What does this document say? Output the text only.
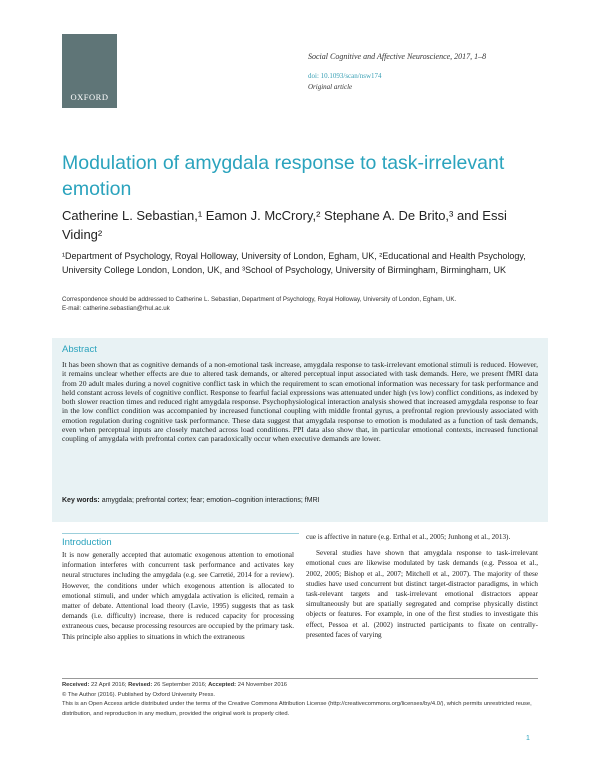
OXFORD
Social Cognitive and Affective Neuroscience, 2017, 1–8
doi: 10.1093/scan/nsw174
Original article
Modulation of amygdala response to task-irrelevant emotion
Catherine L. Sebastian,¹ Eamon J. McCrory,² Stephane A. De Brito,³ and Essi Viding²
¹Department of Psychology, Royal Holloway, University of London, Egham, UK, ²Educational and Health Psychology, University College London, London, UK, and ³School of Psychology, University of Birmingham, Birmingham, UK
Correspondence should be addressed to Catherine L. Sebastian, Department of Psychology, Royal Holloway, University of London, Egham, UK.
E-mail: catherine.sebastian@rhul.ac.uk
Abstract
It has been shown that as cognitive demands of a non-emotional task increase, amygdala response to task-irrelevant emotional stimuli is reduced. However, it remains unclear whether effects are due to altered task demands, or altered perceptual input associated with task demands. Here, we present fMRI data from 20 adult males during a novel cognitive conflict task in which the requirement to scan emotional information was necessary for task performance and held constant across levels of cognitive conflict. Response to fearful facial expressions was attenuated under high (vs low) conflict conditions, as indexed by both slower reaction times and reduced right amygdala response. Psychophysiological interaction analysis showed that increased amygdala response to fear in the low conflict condition was accompanied by increased functional coupling with middle frontal gyrus, a prefrontal region previously associated with emotion regulation during cognitive task performance. These data suggest that amygdala response to emotion is modulated as a function of task demands, even when perceptual inputs are closely matched across load conditions. PPI data also show that, in particular emotional contexts, increased functional coupling of amygdala with prefrontal cortex can paradoxically occur when executive demands are lower.
Key words: amygdala; prefrontal cortex; fear; emotion–cognition interactions; fMRI
Introduction

It is now generally accepted that automatic exogenous attention to emotional information interferes with concurrent task performance and activates key neural structures including the amygdala (e.g. see Carretié, 2014 for a review). However, the conditions under which exogenous attention is allocated to emotional stimuli, and under which amygdala activation is elicited, remain a matter of debate. Attentional load theory (Lavie, 1995) suggests that as task demands (i.e. difficulty) increase, there is reduced capacity for processing extraneous cues, because processing resources are occupied by the primary task. This principle also applies to situations in which the extraneous

cue is affective in nature (e.g. Erthal et al., 2005; Junhong et al., 2013).

Several studies have shown that amygdala response to task-irrelevant emotional cues are likewise modulated by task demands (e.g. Pessoa et al., 2002, 2005; Bishop et al., 2007; Mitchell et al., 2007). The majority of these studies have used concurrent but distinct target-distractor paradigms, in which task-relevant targets and task-irrelevant emotional distractors appear simultaneously but are spatially segregated and comprise physically distinct objects or features. For example, in one of the first studies to investigate this effect, Pessoa et al. (2002) instructed participants to fixate on centrally-presented faces of varying

Received: 22 April 2016; Revised: 26 September 2016; Accepted: 24 November 2016
© The Author (2016). Published by Oxford University Press.
This is an Open Access article distributed under the terms of the Creative Commons Attribution License (http://creativecommons.org/licenses/by/4.0/), which permits unrestricted reuse, distribution, and reproduction in any medium, provided the original work is properly cited.
1
